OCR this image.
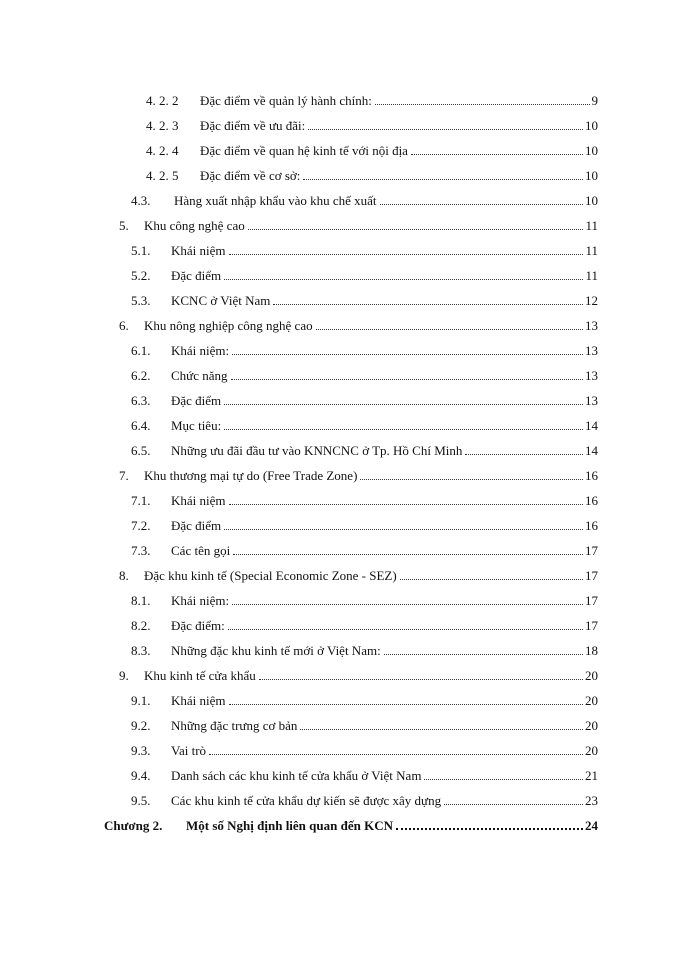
4. 2. 2	Đặc điểm về quản lý hành chính:	9
4. 2. 3	Đặc điểm về ưu đãi:	10
4. 2. 4	Đặc điểm về quan hệ kinh tế với nội địa	10
4. 2. 5	Đặc điểm về cơ sở:	10
4.3.	Hàng xuất nhập khẩu vào khu chế xuất	10
5.	Khu công nghệ cao	11
5.1.	Khái niệm	11
5.2.	Đặc điểm	11
5.3.	KCNC ở Việt Nam	12
6.	Khu nông nghiệp công nghệ cao	13
6.1.	Khái niệm:	13
6.2.	Chức năng	13
6.3.	Đặc điểm	13
6.4.	Mục tiêu:	14
6.5.	Những ưu đãi đầu tư vào KNNCNC ở Tp. Hồ Chí Minh	14
7.	Khu thương mại tự do (Free Trade Zone)	16
7.1.	Khái niệm	16
7.2.	Đặc điểm	16
7.3.	Các tên gọi	17
8.	Đặc khu kinh tế (Special Economic Zone - SEZ)	17
8.1.	Khái niệm:	17
8.2.	Đặc điểm:	17
8.3.	Những đặc khu kinh tế mới ở Việt Nam:	18
9.	Khu kinh tế cửa khẩu	20
9.1.	Khái niệm	20
9.2.	Những đặc trưng cơ bản	20
9.3.	Vai trò	20
9.4.	Danh sách các khu kinh tế cửa khẩu ở Việt Nam	21
9.5.	Các khu kinh tế cửa khẩu dự kiến sẽ được xây dựng	23
Chương 2.	Một số Nghị định liên quan đến KCN	24
